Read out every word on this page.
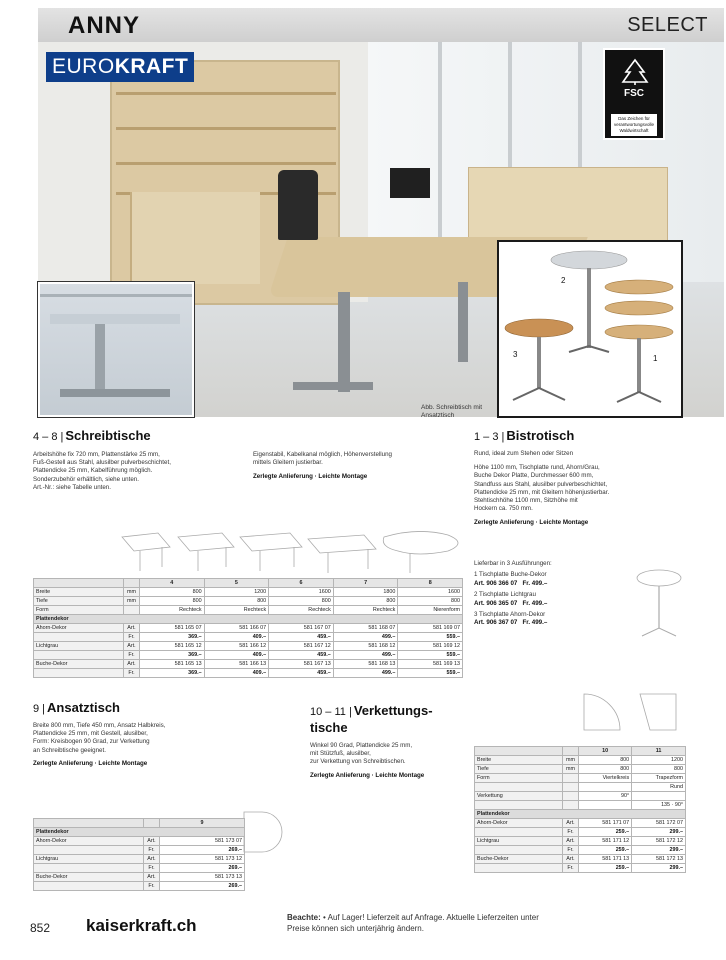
ANNY	SELECT
EUROKRAFT
FSC
Das Zeichen für verantwortungsvolle Waldwirtschaft
Abb. Schreibtisch mit Ansatztisch
2
1
3
4 – 8 | Schreibtische
Arbeitshöhe fix 720 mm, Plattenstärke 25 mm,
Fuß-Gestell aus Stahl, alusilber pulverbeschichtet,
Plattendicke 25 mm, Kabelführung möglich.
Sonderzubehör erhältlich, siehe unten.
Art.-Nr.: siehe Tabelle unten.
Eigenstabil, Kabelkanal möglich, Höhenverstellung
mittels Gleitern justierbar.
Zerlegte Anlieferung · Leichte Montage
		4	5	6	7	8
Breite	mm	800	1200	1600	1800	1600
Tiefe	mm	800	800	800	800	800
Form		Rechteck	Rechteck	Rechteck	Rechteck	Nierenform
Plattendekor						
Ahorn-Dekor	Art.	581 165 07	581 166 07	581 167 07	581 168 07	581 169 07
	Fr.	369.–	409.–	459.–	499.–	559.–
Lichtgrau	Art.	581 165 12	581 166 12	581 167 12	581 168 12	581 169 12
	Fr.	369.–	409.–	459.–	499.–	559.–
Buche-Dekor	Art.	581 165 13	581 166 13	581 167 13	581 168 13	581 169 13
	Fr.	369.–	409.–	459.–	499.–	559.–
1 – 3 | Bistrotisch
Rund, ideal zum Stehen oder Sitzen
Höhe 1100 mm, Tischplatte rund, Ahorn/Grau,
Buche Dekor Platte, Durchmesser 600 mm,
Standfuss aus Stahl, alusilber pulverbeschichtet,
Plattendicke 25 mm, mit Gleitern höhenjustierbar.
Stehtischhöhe 1100 mm, Sitzhöhe mit
Hockern ca. 750 mm.
Zerlegte Anlieferung · Leichte Montage
Lieferbar in 3 Ausführungen:
1 Tischplatte Buche-Dekor
Art. 906 366 07 Fr. 499.–
2 Tischplatte Lichtgrau
Art. 906 365 07 Fr. 499.–
3 Tischplatte Ahorn-Dekor
Art. 906 367 07 Fr. 499.–
9 | Ansatztisch
Breite 800 mm, Tiefe 450 mm, Ansatz Halbkreis,
Plattendicke 25 mm, mit Gestell, alusilber,
Form: Kreisbogen 90 Grad, zur Verkettung
an Schreibtische geeignet.
Zerlegte Anlieferung · Leichte Montage
		9
Plattendekor		
Ahorn-Dekor	Art.	581 173 07
	Fr.	269.–
Lichtgrau	Art.	581 173 12
	Fr.	269.–
Buche-Dekor	Art.	581 173 13
	Fr.	269.–
10 – 11 | Verkettungs-
tische
Winkel 90 Grad, Plattendicke 25 mm,
mit Stützfuß, alusilber,
zur Verkettung von Schreibtischen.
Zerlegte Anlieferung · Leichte Montage
		10	11
Breite	mm	800	1200
Tiefe	mm	800	800
Form		Viertelkreis	Trapezform
			Rund
Verkettung		90°	
			135 · 90°
Plattendekor			
Ahorn-Dekor	Art.	581 171 07	581 172 07
	Fr.	259.–	299.–
Lichtgrau	Art.	581 171 12	581 172 12
	Fr.	259.–	299.–
Buche-Dekor	Art.	581 171 13	581 172 13
	Fr.	259.–	299.–
852 kaiserkraft.ch	Beachte: • Auf Lager! Lieferzeit auf Anfrage. Aktuelle Lieferzeiten unter
Preise können sich unterjährig ändern.
